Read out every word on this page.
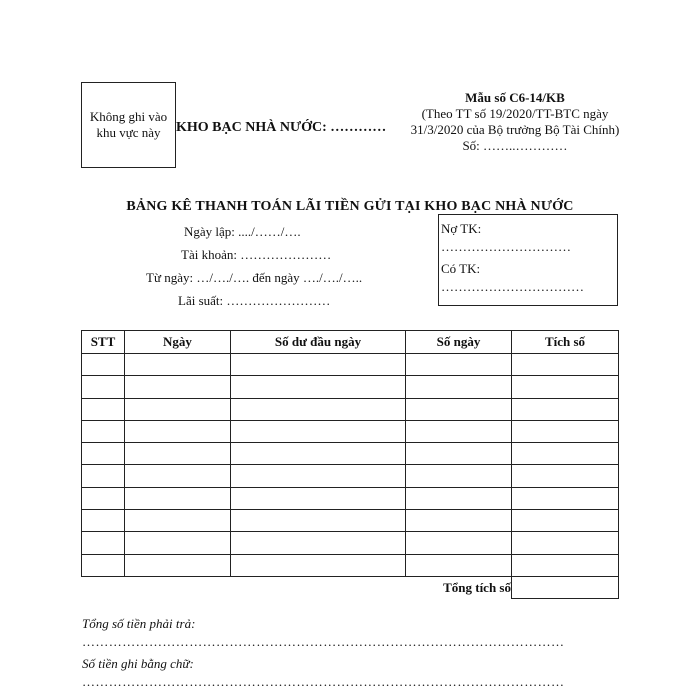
Không ghi vào khu vực này	KHO BẠC NHÀ NƯỚC: …………
Mẫu số C6-14/KB
(Theo TT số 19/2020/TT-BTC ngày 31/3/2020 của Bộ trưởng Bộ Tài Chính)
Số: ……..…………
BẢNG KÊ THANH TOÁN LÃI TIỀN GỬI TẠI KHO BẠC NHÀ NƯỚC
Ngày lập: ..../……/….
Tài khoản: …………………
Từ ngày: …/…./…. đến ngày …./…./…..
Lãi suất: ……………………
Nợ TK:
…………………………
Có TK:
……………………………
STT	Ngày	Số dư đầu ngày	Số ngày	Tích số

Tổng tích số				
Tổng số tiền phải trả:
………………………………………………………………………………………………
Số tiền ghi bằng chữ:
………………………………………………………………………………………………
